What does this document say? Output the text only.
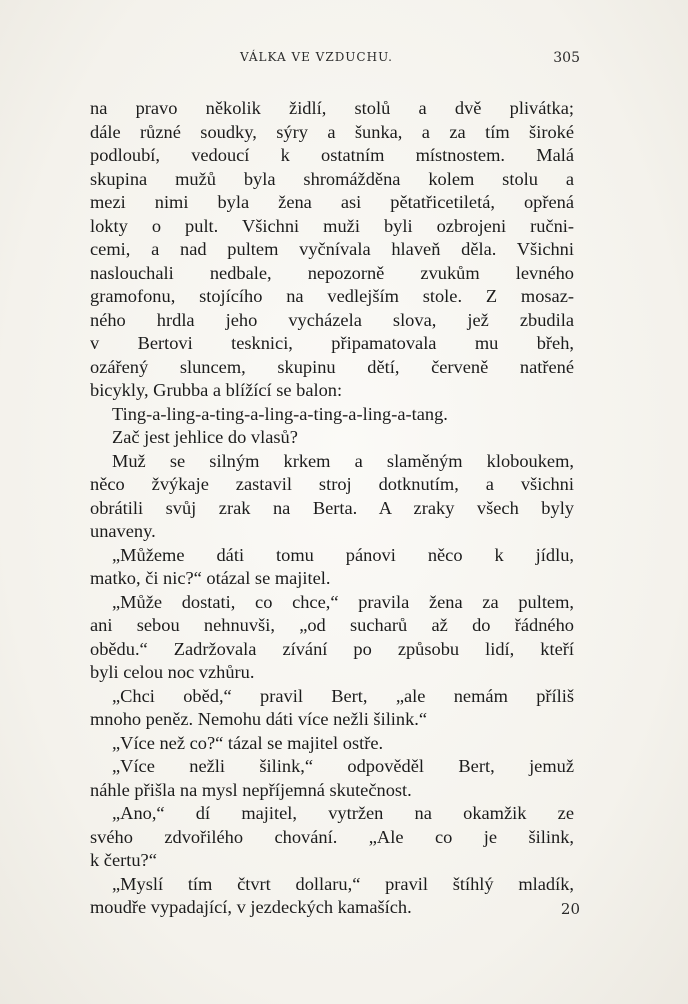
VÁLKA VE VZDUCHU.	305
na pravo několik židlí, stolů a dvě plivátka;
dále různé soudky, sýry a šunka, a za tím široké
podloubí, vedoucí k ostatním místnostem. Malá
skupina mužů byla shromážděna kolem stolu a
mezi nimi byla žena asi pětatřicetiletá, opřená
lokty o pult. Všichni muži byli ozbrojeni ručni-
cemi, a nad pultem vyčnívala hlaveň děla. Všichni
naslouchali nedbale, nepozorně zvukům levného
gramofonu, stojícího na vedlejším stole. Z mosaz-
ného hrdla jeho vycházela slova, jež zbudila
v Bertovi tesknici, připamatovala mu břeh,
ozářený sluncem, skupinu dětí, červeně natřené
bicykly, Grubba a blížící se balon:
Ting-a-ling-a-ting-a-ling-a-ting-a-ling-a-tang.
Zač jest jehlice do vlasů?
Muž se silným krkem a slaměným kloboukem,
něco žvýkaje zastavil stroj dotknutím, a všichni
obrátili svůj zrak na Berta. A zraky všech byly
unaveny.
„Můžeme dáti tomu pánovi něco k jídlu,
matko, či nic?“ otázal se majitel.
„Může dostati, co chce,“ pravila žena za pultem,
ani sebou nehnuvši, „od sucharů až do řádného
obědu.“ Zadržovala zívání po způsobu lidí, kteří
byli celou noc vzhůru.
„Chci oběd,“ pravil Bert, „ale nemám příliš
mnoho peněz. Nemohu dáti více nežli šilink.“
„Více než co?“ tázal se majitel ostře.
„Více nežli šilink,“ odpověděl Bert, jemuž
náhle přišla na mysl nepříjemná skutečnost.
„Ano,“ dí majitel, vytržen na okamžik ze
svého zdvořilého chování. „Ale co je šilink,
k čertu?“
„Myslí tím čtvrt dollaru,“ pravil štíhlý mladík,
moudře vypadající, v jezdeckých kamaších.	20
